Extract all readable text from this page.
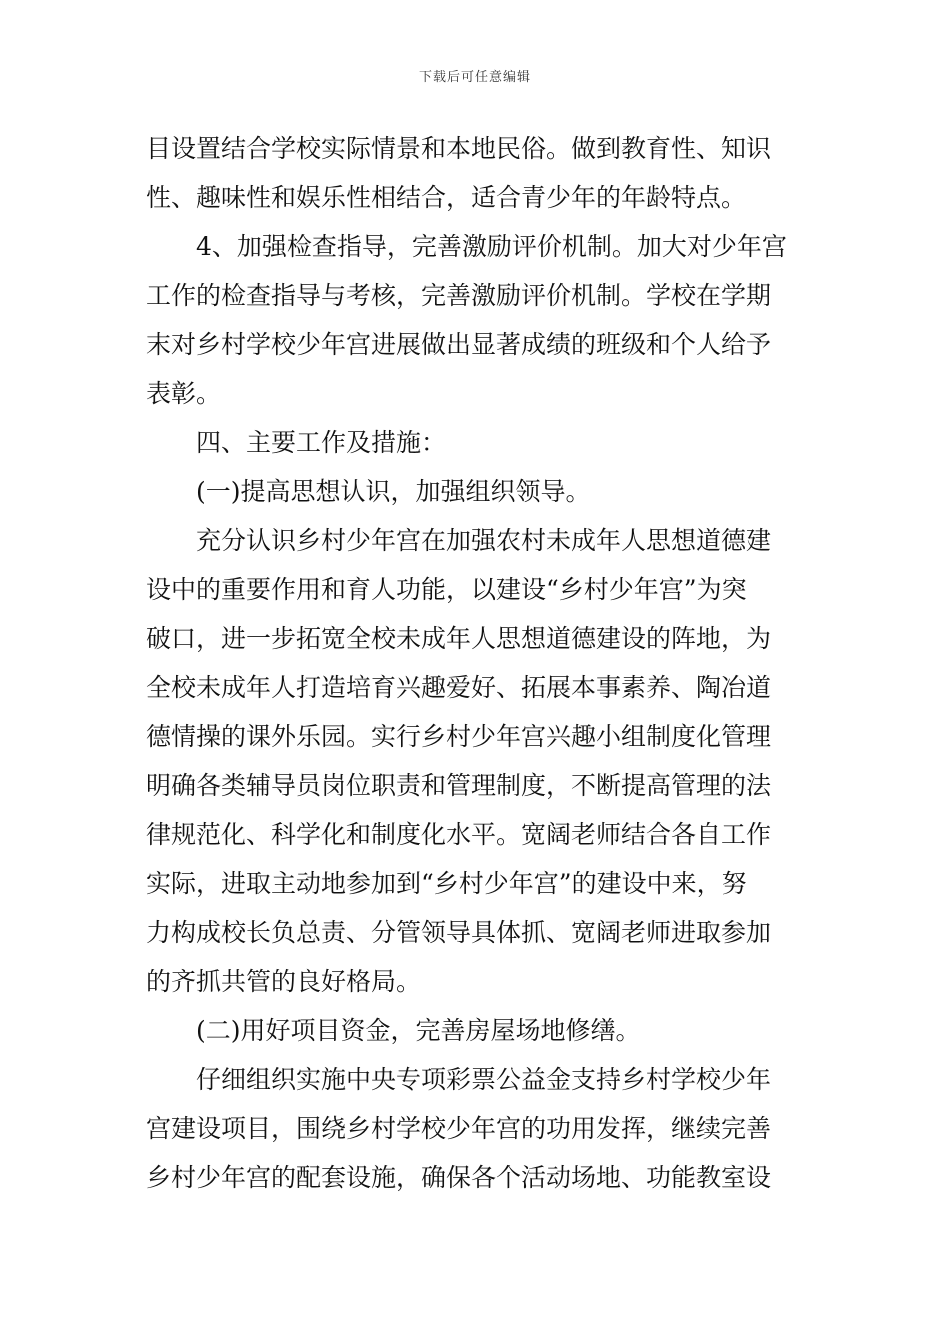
下载后可任意编辑
目设置结合学校实际情景和本地民俗。做到教育性、知识
性、趣味性和娱乐性相结合，适合青少年的年龄特点。
4、加强检查指导，完善激励评价机制。加大对少年宫
工作的检查指导与考核，完善激励评价机制。学校在学期
末对乡村学校少年宫进展做出显著成绩的班级和个人给予
表彰。
四、主要工作及措施：
(一)提高思想认识，加强组织领导。
充分认识乡村少年宫在加强农村未成年人思想道德建
设中的重要作用和育人功能，以建设“乡村少年宫”为突
破口，进一步拓宽全校未成年人思想道德建设的阵地，为
全校未成年人打造培育兴趣爱好、拓展本事素养、陶冶道
德情操的课外乐园。实行乡村少年宫兴趣小组制度化管理
明确各类辅导员岗位职责和管理制度，不断提高管理的法
律规范化、科学化和制度化水平。宽阔老师结合各自工作
实际，进取主动地参加到“乡村少年宫”的建设中来，努
力构成校长负总责、分管领导具体抓、宽阔老师进取参加
的齐抓共管的良好格局。
(二)用好项目资金，完善房屋场地修缮。
仔细组织实施中央专项彩票公益金支持乡村学校少年
宫建设项目，围绕乡村学校少年宫的功用发挥，继续完善
乡村少年宫的配套设施，确保各个活动场地、功能教室设
